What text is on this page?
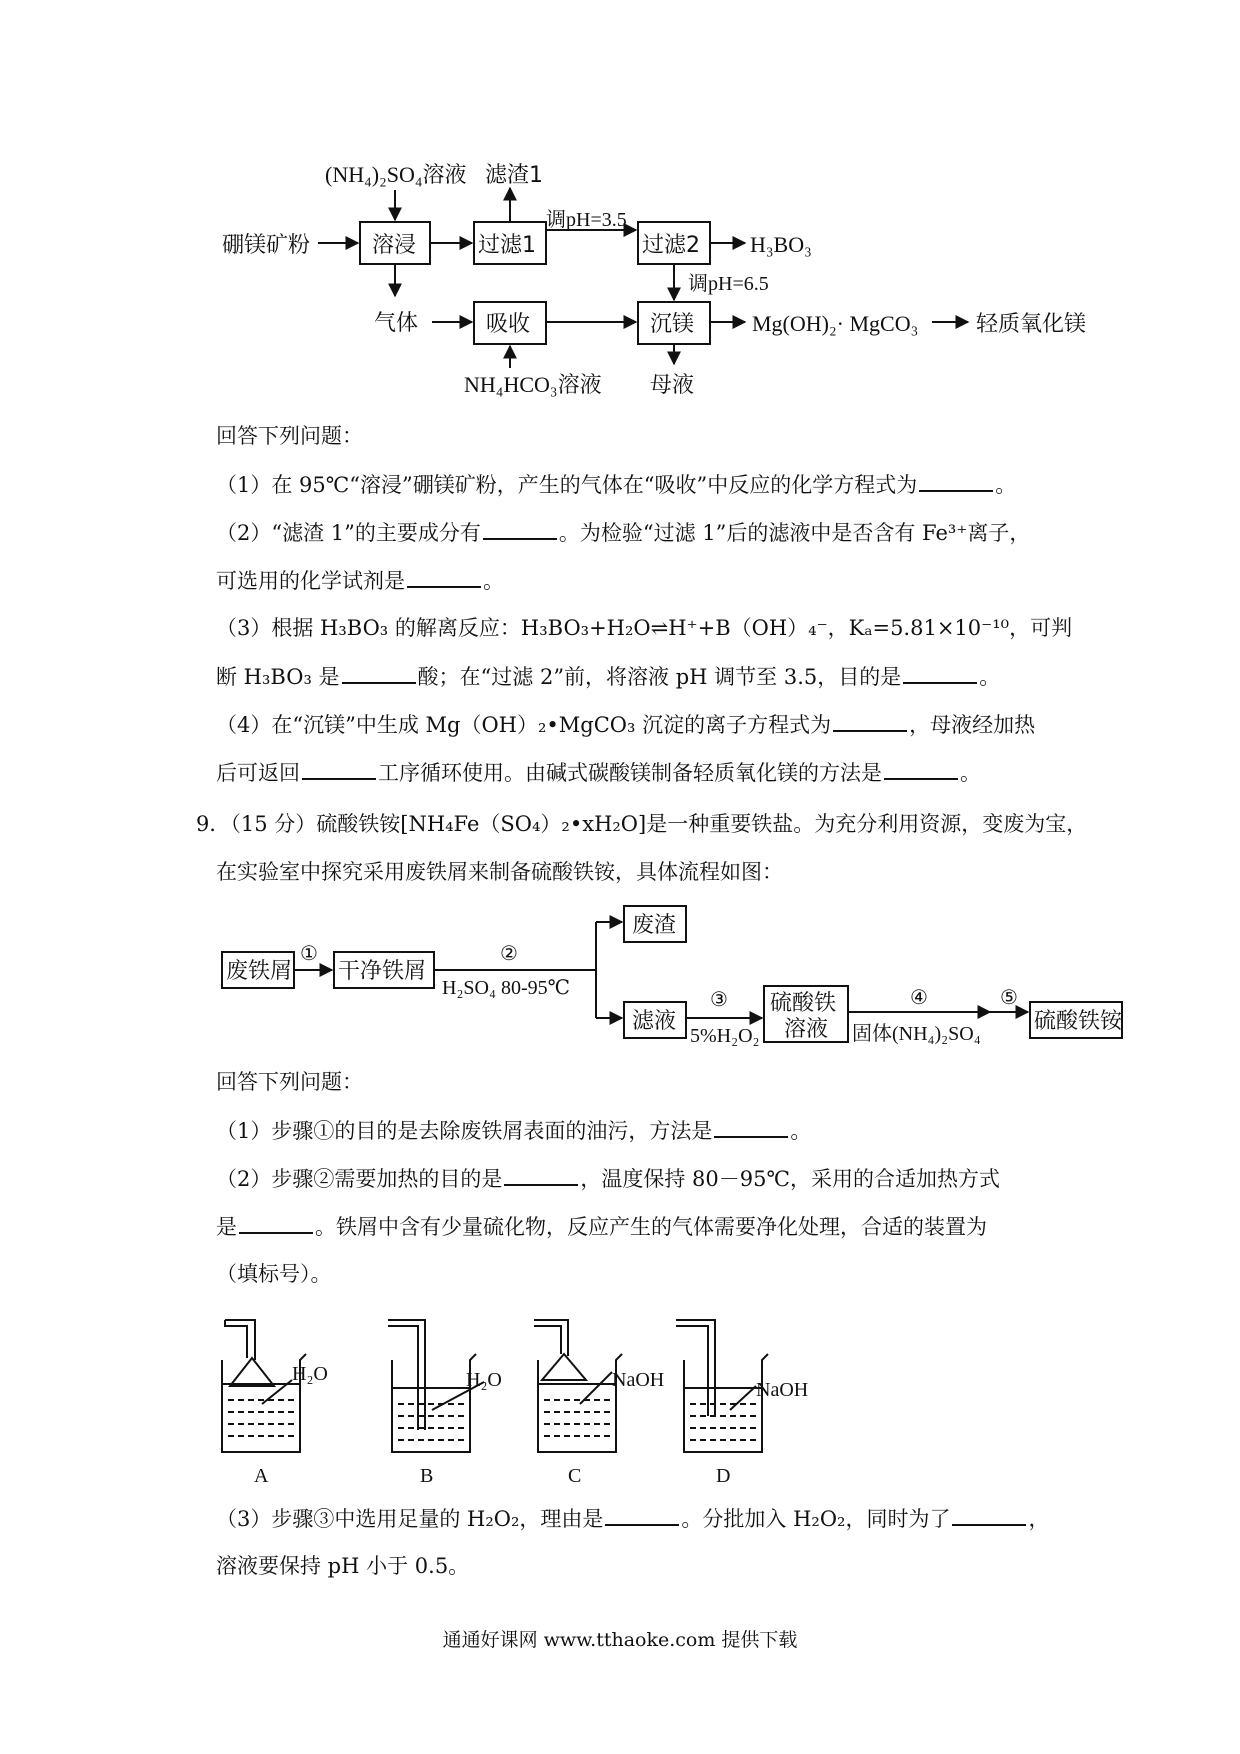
(NH₄)₂SO₄溶液 滤渣1
硼镁矿粉	溶浸	过滤1
调pH=3.5
过滤2 H₃BO₃
调pH=6.5
气体	吸收	沉镁	Mg(OH)₂· MgCO₃	轻质氧化镁
NH₄HCO₃溶液 母液
回答下列问题：
（1）在 95℃“溶浸”硼镁矿粉，产生的气体在“吸收”中反应的化学方程式为	。
（2）“滤渣 1”的主要成分有	。为检验“过滤 1”后的滤液中是否含有 Fe³⁺离子，
可选用的化学试剂是	。
（3）根据 H₃BO₃ 的解离反应：H₃BO₃+H₂O⇌H⁺+B（OH）₄⁻，Kₐ=5.81×10⁻¹⁰，可判
断 H₃BO₃ 是	酸；在“过滤 2”前，将溶液 pH 调节至 3.5，目的是	。
（4）在“沉镁”中生成 Mg（OH）₂•MgCO₃ 沉淀的离子方程式为	，母液经加热
后可返回	工序循环使用。由碱式碳酸镁制备轻质氧化镁的方法是	。
9．（15 分）硫酸铁铵[NH₄Fe（SO₄）₂•xH₂O]是一种重要铁盐。为充分利用资源，变废为宝，
在实验室中探究采用废铁屑来制备硫酸铁铵，具体流程如图：
废铁屑
①
干净铁屑
②
H₂SO₄ 80-95℃
废渣
滤液
③
5%H₂O₂
硫酸铁
溶液
④
固体(NH₄)₂SO₄
⑤
硫酸铁铵
回答下列问题：
（1）步骤①的目的是去除废铁屑表面的油污，方法是	。
（2）步骤②需要加热的目的是	，温度保持 80－95℃，采用的合适加热方式
是	。铁屑中含有少量硫化物，反应产生的气体需要净化处理，合适的装置为
（填标号）。
H₂O	H₂O	NaOH	NaOH
A	B	C	D
（3）步骤③中选用足量的 H₂O₂，理由是	。分批加入 H₂O₂，同时为了	，
溶液要保持 pH 小于 0.5。
通通好课网 www.tthaoke.com 提供下载
